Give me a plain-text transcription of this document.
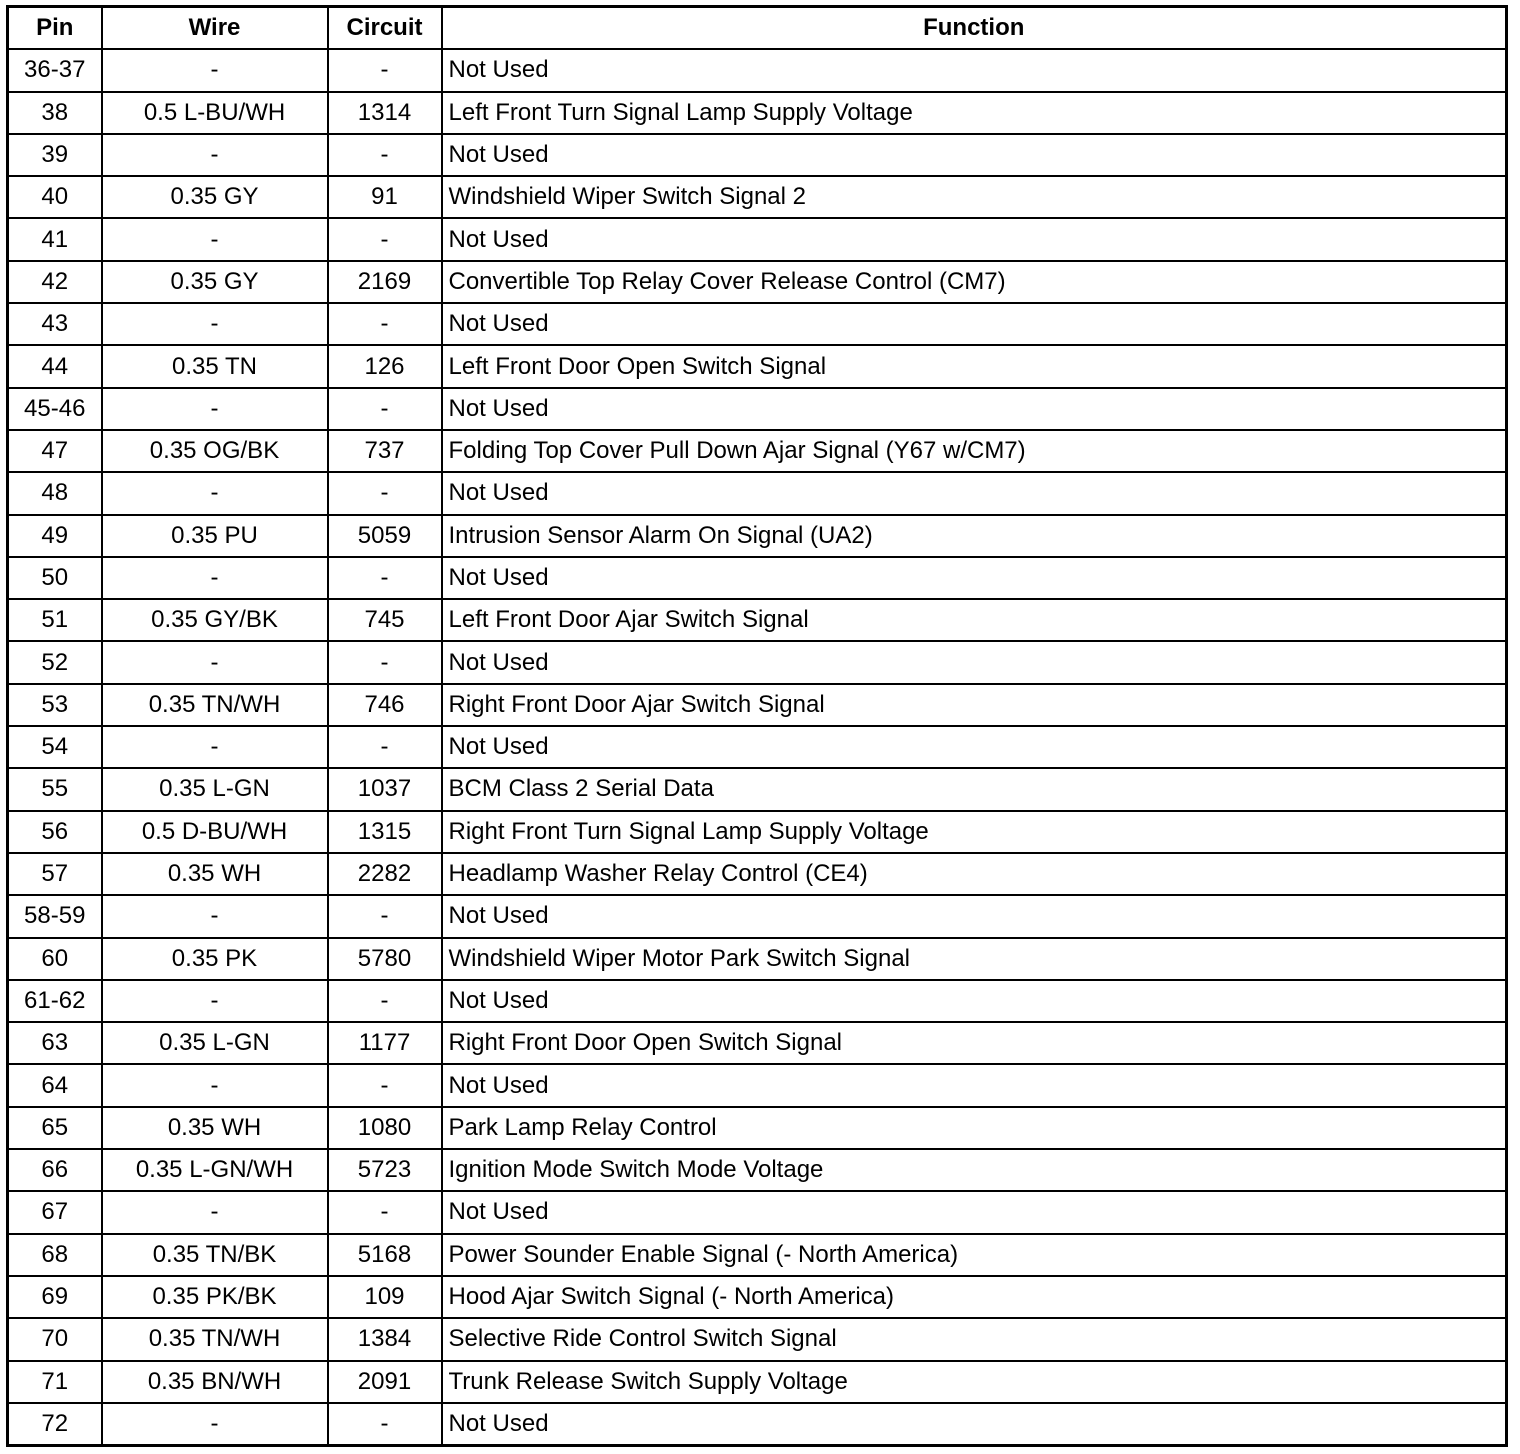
Pin	Wire	Circuit	Function
36-37	-	-	Not Used
38	0.5 L-BU/WH	1314	Left Front Turn Signal Lamp Supply Voltage
39	-	-	Not Used
40	0.35 GY	91	Windshield Wiper Switch Signal 2
41	-	-	Not Used
42	0.35 GY	2169	Convertible Top Relay Cover Release Control (CM7)
43	-	-	Not Used
44	0.35 TN	126	Left Front Door Open Switch Signal
45-46	-	-	Not Used
47	0.35 OG/BK	737	Folding Top Cover Pull Down Ajar Signal (Y67 w/CM7)
48	-	-	Not Used
49	0.35 PU	5059	Intrusion Sensor Alarm On Signal (UA2)
50	-	-	Not Used
51	0.35 GY/BK	745	Left Front Door Ajar Switch Signal
52	-	-	Not Used
53	0.35 TN/WH	746	Right Front Door Ajar Switch Signal
54	-	-	Not Used
55	0.35 L-GN	1037	BCM Class 2 Serial Data
56	0.5 D-BU/WH	1315	Right Front Turn Signal Lamp Supply Voltage
57	0.35 WH	2282	Headlamp Washer Relay Control (CE4)
58-59	-	-	Not Used
60	0.35 PK	5780	Windshield Wiper Motor Park Switch Signal
61-62	-	-	Not Used
63	0.35 L-GN	1177	Right Front Door Open Switch Signal
64	-	-	Not Used
65	0.35 WH	1080	Park Lamp Relay Control
66	0.35 L-GN/WH	5723	Ignition Mode Switch Mode Voltage
67	-	-	Not Used
68	0.35 TN/BK	5168	Power Sounder Enable Signal (- North America)
69	0.35 PK/BK	109	Hood Ajar Switch Signal (- North America)
70	0.35 TN/WH	1384	Selective Ride Control Switch Signal
71	0.35 BN/WH	2091	Trunk Release Switch Supply Voltage
72	-	-	Not Used
